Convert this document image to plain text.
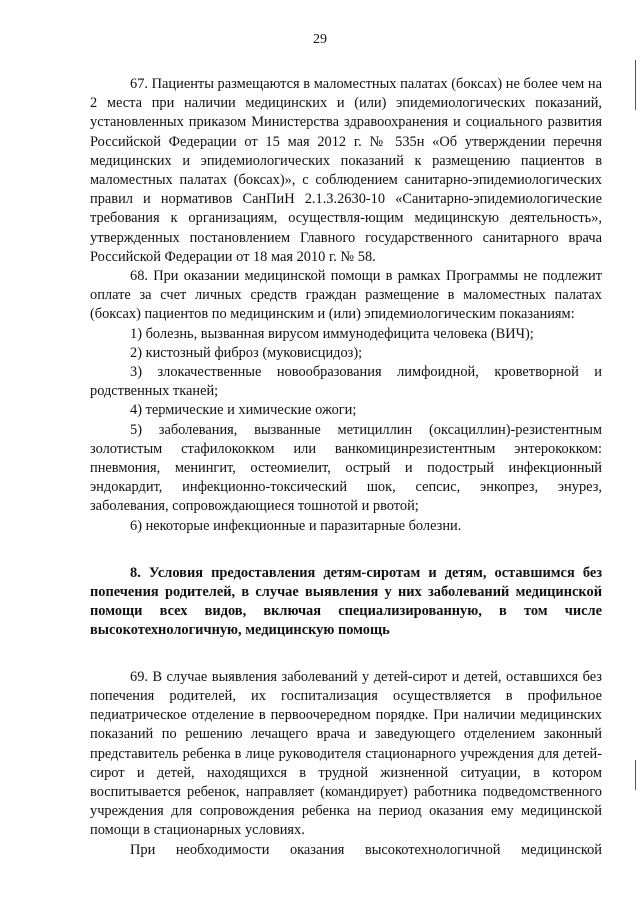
29

67. Пациенты размещаются в маломестных палатах (боксах) не более чем на 2 места при наличии медицинских и (или) эпидемиологических показаний, установленных приказом Министерства здравоохранения и социального развития Российской Федерации от 15 мая 2012 г. № 535н «Об утверждении перечня медицинских и эпидемиологических показаний к размещению пациентов в маломестных палатах (боксах)», с соблюдением санитарно-эпидемиологических правил и нормативов СанПиН 2.1.3.2630-10 «Санитарно-эпидемиологические требования к организациям, осуществля-ющим медицинскую деятельность», утвержденных постановлением Главного государственного санитарного врача Российской Федерации от 18 мая 2010 г. № 58.

68. При оказании медицинской помощи в рамках Программы не подлежит оплате за счет личных средств граждан размещение в маломестных палатах (боксах) пациентов по медицинским и (или) эпидемиологическим показаниям:

1) болезнь, вызванная вирусом иммунодефицита человека (ВИЧ);

2) кистозный фиброз (муковисцидоз);

3) злокачественные новообразования лимфоидной, кроветворной и родственных тканей;

4) термические и химические ожоги;

5) заболевания, вызванные метициллин (оксациллин)-резистентным золотистым стафилококком или ванкомицинрезистентным энтерококком: пневмония, менингит, остеомиелит, острый и подострый инфекционный эндокардит, инфекционно-токсический шок, сепсис, энкопрез, энурез, заболевания, сопровождающиеся тошнотой и рвотой;

6) некоторые инфекционные и паразитарные болезни.

8. Условия предоставления детям-сиротам и детям, оставшимся без попечения родителей, в случае выявления у них заболеваний медицинской помощи всех видов, включая специализированную, в том числе высокотехнологичную, медицинскую помощь

69. В случае выявления заболеваний у детей-сирот и детей, оставшихся без попечения родителей, их госпитализация осуществляется в профильное педиатрическое отделение в первоочередном порядке. При наличии медицинских показаний по решению лечащего врача и заведующего отделением законный представитель ребенка в лице руководителя стационарного учреждения для детей-сирот и детей, находящихся в трудной жизненной ситуации, в котором воспитывается ребенок, направляет (командирует) работника подведомственного учреждения для сопровождения ребенка на период оказания ему медицинской помощи в стационарных условиях.

При необходимости оказания высокотехнологичной медицинской
